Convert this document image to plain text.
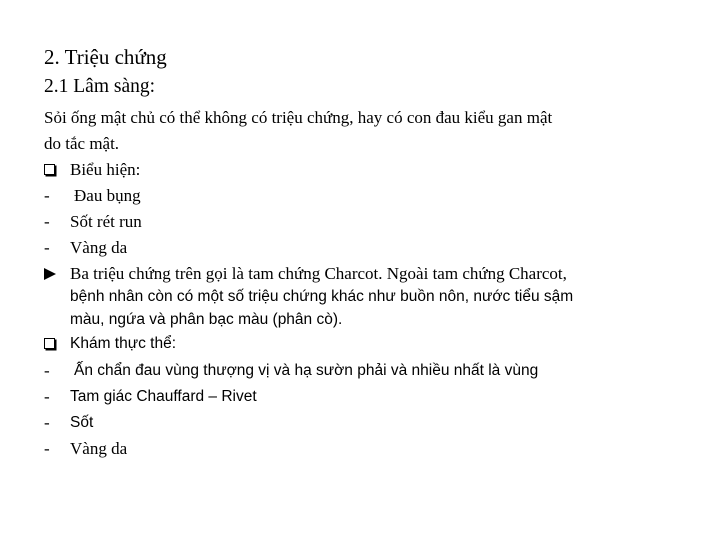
2. Triệu chứng
2.1 Lâm sàng:
Sỏi ống mật chủ có thể không có triệu chứng, hay có con đau kiểu gan mật
do tắc mật.
Biểu hiện:
-	Đau bụng
-	Sốt rét run
-	Vàng da
Ba triệu chứng trên gọi là tam chứng Charcot. Ngoài tam chứng Charcot,
bệnh nhân còn có một số triệu chứng khác như buồn nôn, nước tiểu sậm
màu, ngứa và phân bạc màu (phân cò).
Khám thực thể:
-	Ấn chẩn đau vùng thượng vị và hạ sườn phải và nhiều nhất là vùng
-	Tam giác Chauffard – Rivet
-	Sốt
-	Vàng da
